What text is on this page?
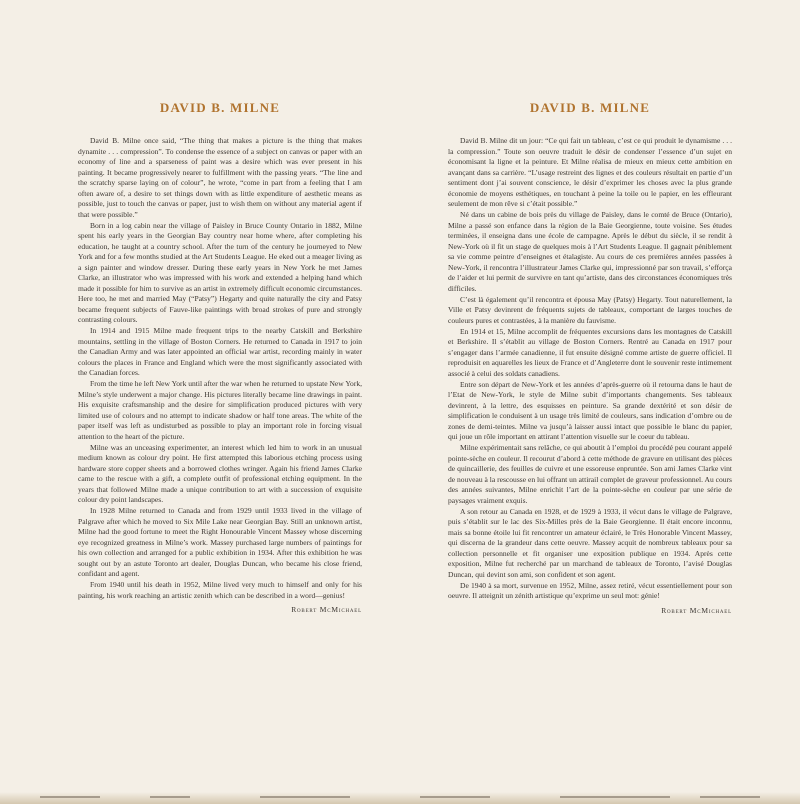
DAVID B. MILNE

David B. Milne once said, “The thing that makes a picture is the thing that makes dynamite . . . compression”. To condense the essence of a subject on canvas or paper with an economy of line and a sparseness of paint was a desire which was ever present in his painting. It became progressively nearer to fulfillment with the passing years. “The line and the scratchy sparse laying on of colour”, he wrote, “come in part from a feeling that I am often aware of, a desire to set things down with as little expenditure of aesthetic means as possible, just to touch the canvas or paper, just to wish them on without any material agent if that were possible.”

Born in a log cabin near the village of Paisley in Bruce County Ontario in 1882, Milne spent his early years in the Georgian Bay country near home where, after completing his education, he taught at a country school. After the turn of the century he journeyed to New York and for a few months studied at the Art Students League. He eked out a meager living as a sign painter and window dresser. During these early years in New York he met James Clarke, an illustrator who was impressed with his work and extended a helping hand which made it possible for him to survive as an artist in extremely difficult economic circumstances. Here too, he met and married May (“Patsy”) Hegarty and quite naturally the city and Patsy became frequent subjects of Fauve-like paintings with broad strokes of pure and strongly contrasting colours.

In 1914 and 1915 Milne made frequent trips to the nearby Catskill and Berkshire mountains, settling in the village of Boston Corners. He returned to Canada in 1917 to join the Canadian Army and was later appointed an official war artist, recording mainly in water colours the places in France and England which were the most significantly associated with the Canadian forces.

From the time he left New York until after the war when he returned to upstate New York, Milne’s style underwent a major change. His pictures literally became line drawings in paint. His exquisite craftsmanship and the desire for simplification produced pictures with very limited use of colours and no attempt to indicate shadow or half tone areas. The white of the paper itself was left as undisturbed as possible to play an important role in forcing visual attention to the heart of the picture.

Milne was an unceasing experimenter, an interest which led him to work in an unusual medium known as colour dry point. He first attempted this laborious etching process using hardware store copper sheets and a borrowed clothes wringer. Again his friend James Clarke came to the rescue with a gift, a complete outfit of professional etching equipment. In the years that followed Milne made a unique contribution to art with a succession of exquisite colour dry point landscapes.

In 1928 Milne returned to Canada and from 1929 until 1933 lived in the village of Palgrave after which he moved to Six Mile Lake near Georgian Bay. Still an unknown artist, Milne had the good fortune to meet the Right Honourable Vincent Massey whose discerning eye recognized greatness in Milne’s work. Massey purchased large numbers of paintings for his own collection and arranged for a public exhibition in 1934. After this exhibition he was sought out by an astute Toronto art dealer, Douglas Duncan, who became his close friend, confidant and agent.

From 1940 until his death in 1952, Milne lived very much to himself and only for his painting, his work reaching an artistic zenith which can be described in a word—genius!

Robert McMichael
DAVID B. MILNE

David B. Milne dit un jour: “Ce qui fait un tableau, c’est ce qui produit le dynamisme . . . la compression.” Toute son oeuvre traduit le désir de condenser l’essence d’un sujet en économisant la ligne et la peinture. Et Milne réalisa de mieux en mieux cette ambition en avançant dans sa carrière. “L’usage restreint des lignes et des couleurs résultait en partie d’un sentiment dont j’ai souvent conscience, le désir d’exprimer les choses avec la plus grande économie de moyens esthétiques, en touchant à peine la toile ou le papier, en les effleurant seulement de mon rêve si c’était possible.”

Né dans un cabine de bois près du village de Paisley, dans le comté de Bruce (Ontario), Milne a passé son enfance dans la région de la Baie Georgienne, toute voisine. Ses études terminées, il enseigna dans une école de campagne. Après le début du siècle, il se rendit à New-York où il fit un stage de quelques mois à l’Art Students League. Il gagnait péniblement sa vie comme peintre d’enseignes et étalagiste. Au cours de ces premières années passées à New-York, il rencontra l’illustrateur James Clarke qui, impressionné par son travail, s’efforça de l’aider et lui permit de survivre en tant qu’artiste, dans des circonstances économiques très difficiles.

C’est là également qu’il rencontra et épousa May (Patsy) Hegarty. Tout naturellement, la Ville et Patsy devinrent de fréquents sujets de tableaux, comportant de larges touches de couleurs pures et contrastées, à la manière du fauvisme.

En 1914 et 15, Milne accomplit de fréquentes excursions dans les montagnes de Catskill et Berkshire. Il s’établit au village de Boston Corners. Rentré au Canada en 1917 pour s’engager dans l’armée canadienne, il fut ensuite désigné comme artiste de guerre officiel. Il reproduisit en aquarelles les lieux de France et d’Angleterre dont le souvenir reste intimement associé à celui des soldats canadiens.

Entre son départ de New-York et les années d’après-guerre où il retourna dans le haut de l’Etat de New-York, le style de Milne subit d’importants changements. Ses tableaux devinrent, à la lettre, des esquisses en peinture. Sa grande dextérité et son désir de simplification le conduisent à un usage très limité de couleurs, sans indication d’ombre ou de zones de demi-teintes. Milne va jusqu’à laisser aussi intact que possible le blanc du papier, qui joue un rôle important en attirant l’attention visuelle sur le coeur du tableau.

Milne expérimentait sans relâche, ce qui aboutit à l’emploi du procédé peu courant appelé pointe-sèche en couleur. Il recourut d’abord à cette méthode de gravure en utilisant des pièces de quincaillerie, des feuilles de cuivre et une essoreuse enpruntée. Son ami James Clarke vint de nouveau à la rescousse en lui offrant un attirail complet de graveur professionnel. Au cours des années suivantes, Milne enrichit l’art de la pointe-sèche en couleur par une série de paysages vraiment exquis.

A son retour au Canada en 1928, et de 1929 à 1933, il vécut dans le village de Palgrave, puis s’établit sur le lac des Six-Milles près de la Baie Georgienne. Il était encore inconnu, mais sa bonne étoile lui fit rencontrer un amateur éclairé, le Très Honorable Vincent Massey, qui discerna de la grandeur dans cette oeuvre. Massey acquit de nombreux tableaux pour sa collection personnelle et fit organiser une exposition publique en 1934. Après cette exposition, Milne fut recherché par un marchand de tableaux de Toronto, l’avisé Douglas Duncan, qui devint son ami, son confident et son agent.

De 1940 à sa mort, survenue en 1952, Milne, assez retiré, vécut essentiellement pour son oeuvre. Il atteignit un zénith artistique qu’exprime un seul mot: génie!

Robert McMichael
